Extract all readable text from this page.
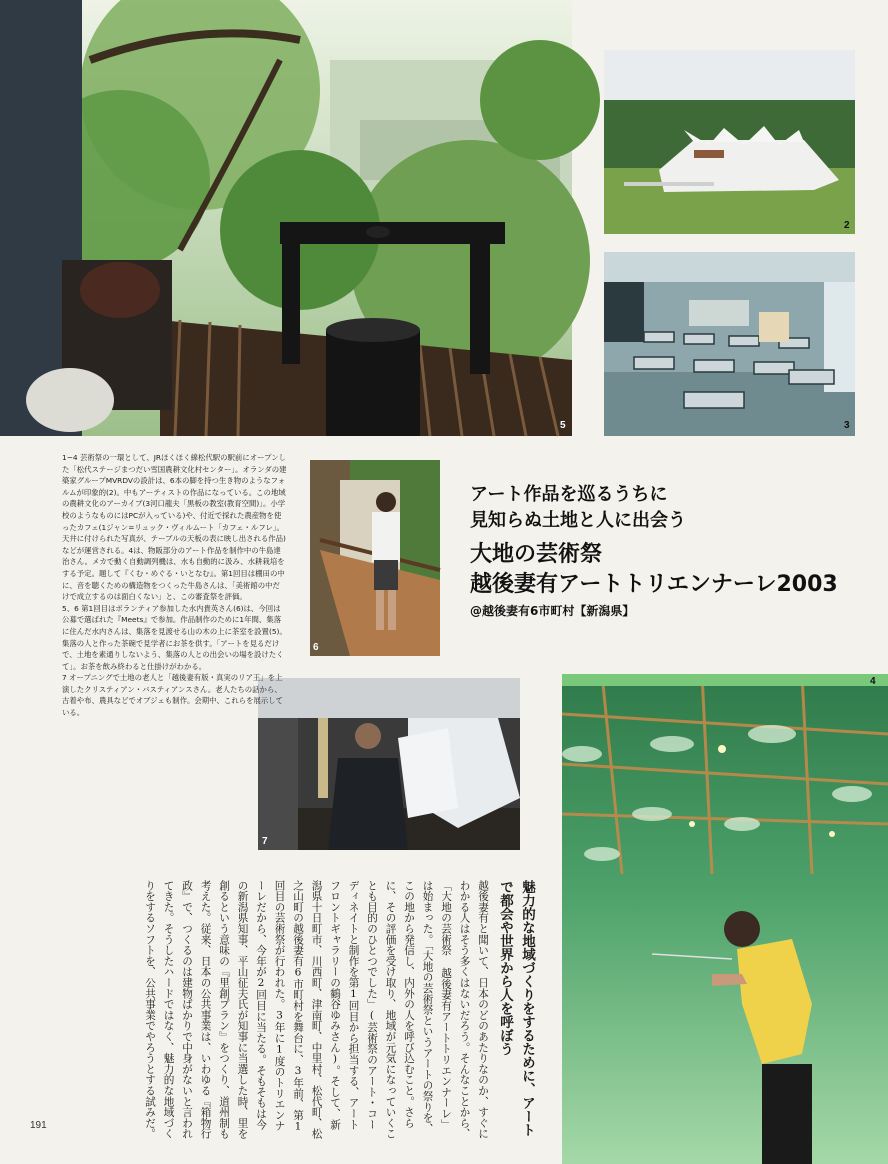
5
2
3
6
7
4

1~4 芸術祭の一環として、JRほくほく線松代駅の駅前にオープンした「松代ステージまつだい雪国農耕文化村センター」。オランダの建築家グループMVRDVの設計は、6本の脚を持つ生き物のようなフォルムが印象的(2)。中もアーティストの作品になっている。この地域の農耕文化のアーカイブ(3河口龍夫「黒板の教室(教育空間)」。小学校のようなものにはPCが入っている)や、付近で採れた農産物を使ったカフェ(1ジャン=リュック・ヴィルムート「カフェ・ルフレ」。天井に付けられた写真が、テーブルの天板の表に映し出される作品)などが運営される。4は、物販部分のアート作品を制作中の牛島達治さん。メカで動く自動調列機は、水も自動的に汲み、水耕栽培をする予定。題して『くむ・めぐる・いとなむ』。第1回目は棚田の中に、音を聴くための構造物をつくった牛島さんは、「美術館の中だけで成立するのは面白くない」と、この審査祭を評価。

5、6 第1回目はボランティア参加した水内貴英さん(6)は、今回は公募で選ばれた『Meets』で参加。作品制作のために1年間、集落に住んだ水内さんは、集落を見渡せる山の木の上に茶室を設置(5)。集落の人と作った茶碗で見学者にお茶を供す。「アートを見るだけで、土地を素通りしないよう、集落の人との出会いの場を設けたくて」。お茶を飲み終わると仕掛けがわかる。

7 オープニングで土地の老人と「越後妻有版・真実のリア王」を上演したクリスティアン・バスティアンスさん。老人たちの話から、古着や布、農具などでオブジェも制作。会期中、これらを展示している。

アート作品を巡るうちに
見知らぬ土地と人に出会う
大地の芸術祭
越後妻有アートトリエンナーレ2003
@越後妻有6市町村【新潟県】
魅力的な地域づくりをするために、アートで都会や世界から人を呼ぼう
越後妻有と聞いて、日本のどのあたりなのか、すぐにわかる人はそう多くはないだろう。そんなことから、「大地の芸術祭 越後妻有アートトリエンナーレ」は始まった。「大地の芸術祭というアートの祭りを、この地から発信し、内外の人を呼び込むこと。さらに、その評価を受け取り、地域が元気になっていくことも目的のひとつでした」(芸術祭のアート・コーディネイトと制作を第1回目から担当する、アートフロントギャラリーの鶴谷ゆみさん)。そして、新潟県十日町市、川西町、津南町、中里村、松代町、松之山町の越後妻有6市町村を舞台に、3年前、第1回目の芸術祭が行われた。3年に1度のトリエンナーレだから、今年が2回目に当たる。そもそもは今の新潟県知事、平山征夫氏が知事に当選した時、里を創るという意味の『里創プラン』をつくり、道州制も考えた。従来、日本の公共事業は、いわゆる『箱物行政』で、つくるのは建物ばかりで中身がないと言われてきた。そうしたハードではなく、魅力的な地域づくりをするソフトを、公共事業でやろうとする試みだ。
191
